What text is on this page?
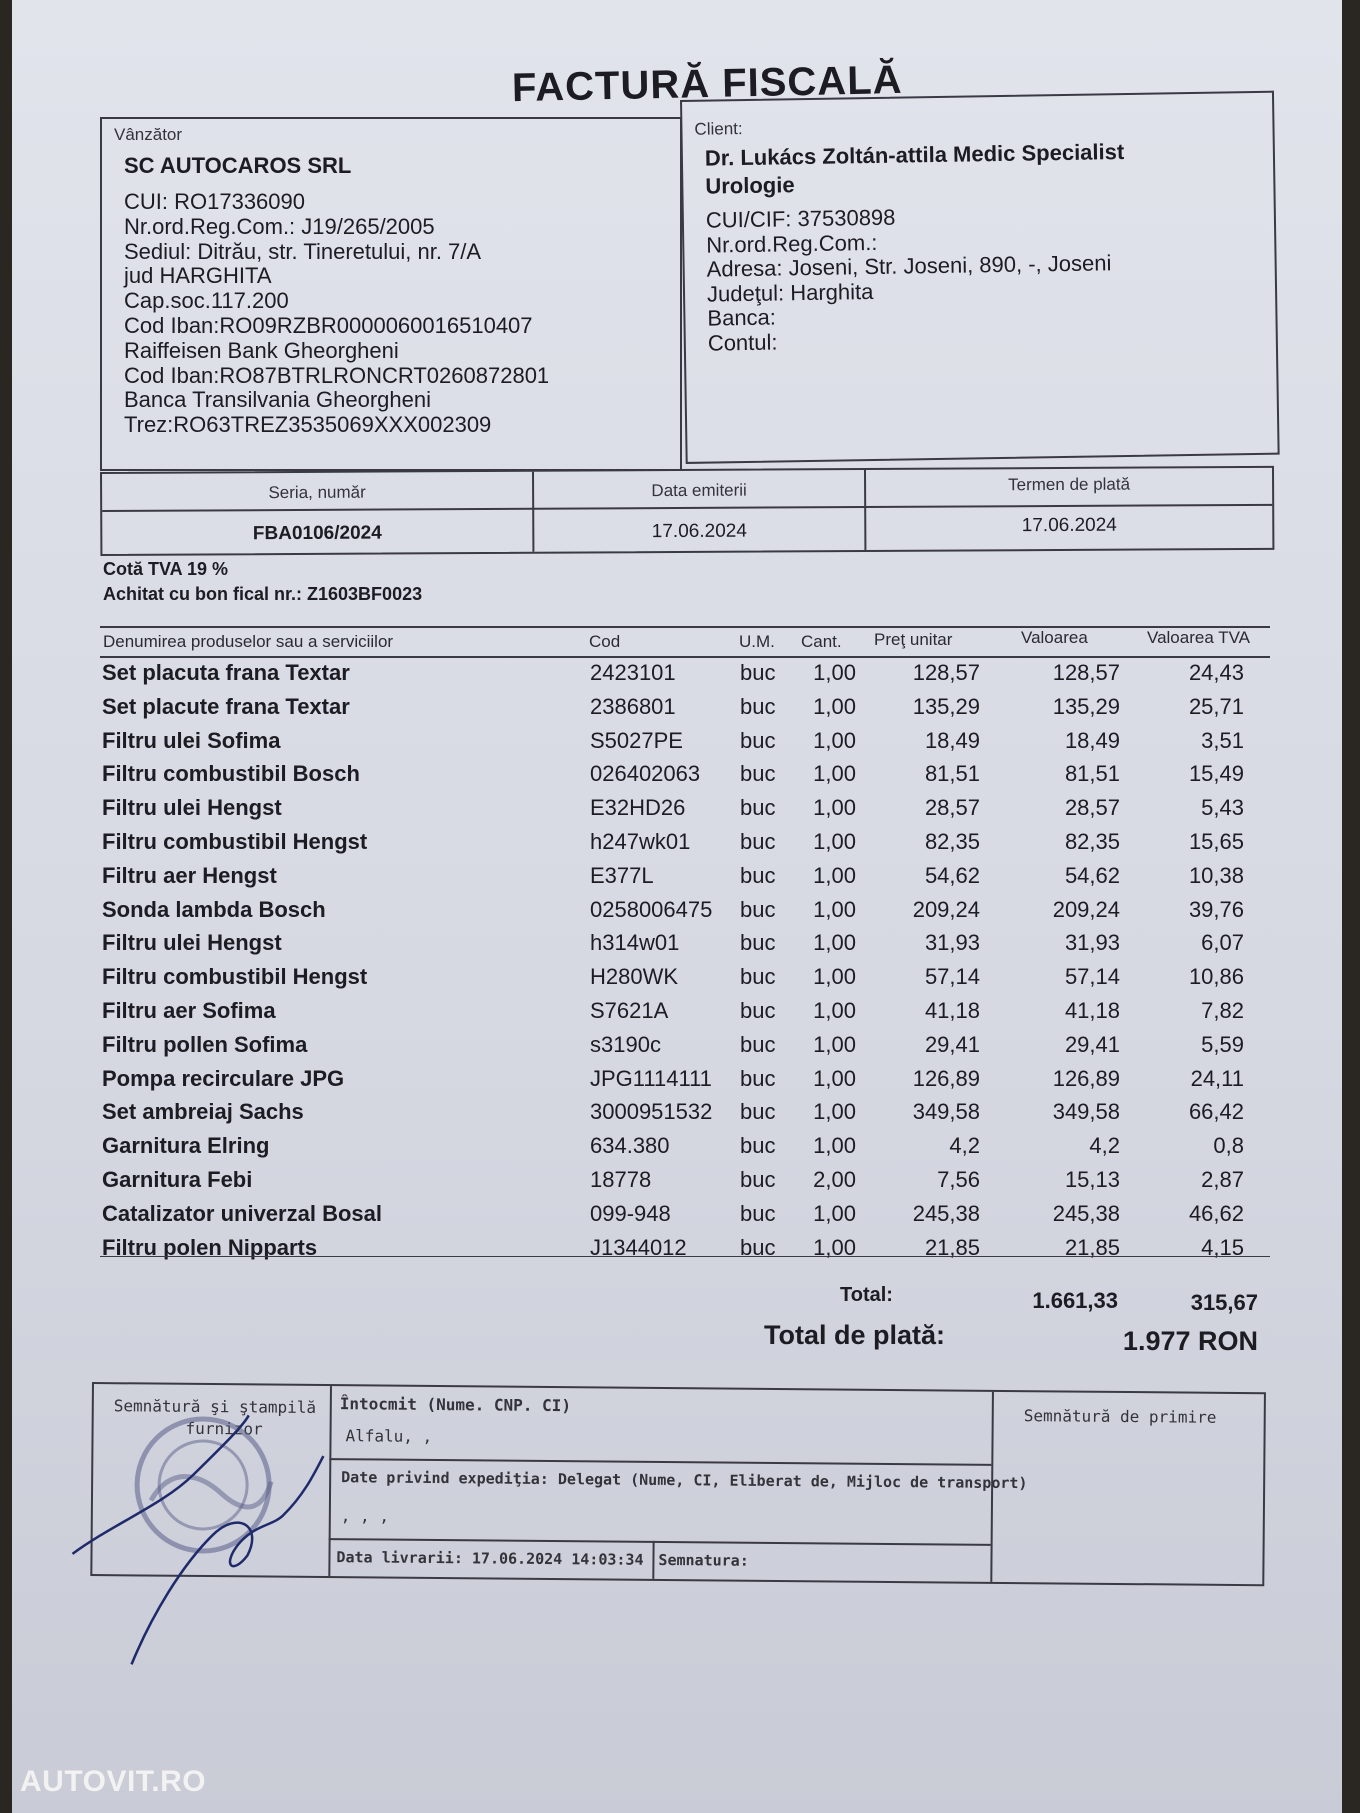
FACTURĂ FISCALĂ
Vânzător
SC AUTOCAROS SRL
CUI: RO17336090
Nr.ord.Reg.Com.: J19/265/2005
Sediul: Ditrău, str. Tineretului, nr. 7/A
jud HARGHITA
Cap.soc.117.200
Cod Iban:RO09RZBR0000060016510407
Raiffeisen Bank Gheorgheni
Cod Iban:RO87BTRLRONCRT0260872801
Banca Transilvania Gheorgheni
Trez:RO63TREZ3535069XXX002309
Client:
Dr. Lukács Zoltán-attila Medic Specialist
Urologie
CUI/CIF: 37530898
Nr.ord.Reg.Com.:
Adresa: Joseni, Str. Joseni, 890, -, Joseni
Judeţul: Harghita
Banca:
Contul:
Seria, număr	Data emiterii	Termen de plată
FBA0106/2024	17.06.2024	17.06.2024
Cotă TVA 19 %
Achitat cu bon fical nr.: Z1603BF0023
Denumirea produselor sau a serviciilor	Cod	U.M. Cant. Preţ unitar	Valoarea	Valoarea TVA
Set placuta frana Textar	2423101	buc	1,00	128,57	128,57	24,43
Set placute frana Textar	2386801	buc	1,00	135,29	135,29	25,71
Filtru ulei Sofima	S5027PE	buc	1,00	18,49	18,49	3,51
Filtru combustibil Bosch	026402063 buc	1,00	81,51	81,51	15,49
Filtru ulei Hengst	E32HD26 buc	1,00	28,57	28,57	5,43
Filtru combustibil Hengst	h247wk01 buc	1,00	82,35	82,35	15,65
Filtru aer Hengst	E377L	buc	1,00	54,62	54,62	10,38
Sonda lambda Bosch	0258006475 buc	1,00	209,24	209,24	39,76
Filtru ulei Hengst	h314w01	buc	1,00	31,93	31,93	6,07
Filtru combustibil Hengst	H280WK	buc	1,00	57,14	57,14	10,86
Filtru aer Sofima	S7621A	buc	1,00	41,18	41,18	7,82
Filtru pollen Sofima	s3190c	buc	1,00	29,41	29,41	5,59
Pompa recirculare JPG	JPG1114111 buc	1,00	126,89	126,89	24,11
Set ambreiaj Sachs	3000951532 buc	1,00	349,58	349,58	66,42
Garnitura Elring	634.380	buc	1,00	4,2	4,2	0,8
Garnitura Febi	18778	buc	2,00	7,56	15,13	2,87
Catalizator univerzal Bosal	099-948	buc	1,00	245,38	245,38	46,62
Filtru polen Nipparts	J1344012 buc	1,00	21,85	21,85	4,15
Total:	1.661,33	315,67
Total de plată:	1.977 RON
Semnătură şi ştampilă
furnizor
Întocmit (Nume. CNP. CI)
Alfalu, ,
Date privind expediţia: Delegat (Nume, CI, Eliberat de, Mijloc de transport)
, , ,
Data livrarii: 17.06.2024 14:03:34 Semnatura:
Semnătură de primire
AUTOVIT.RO
